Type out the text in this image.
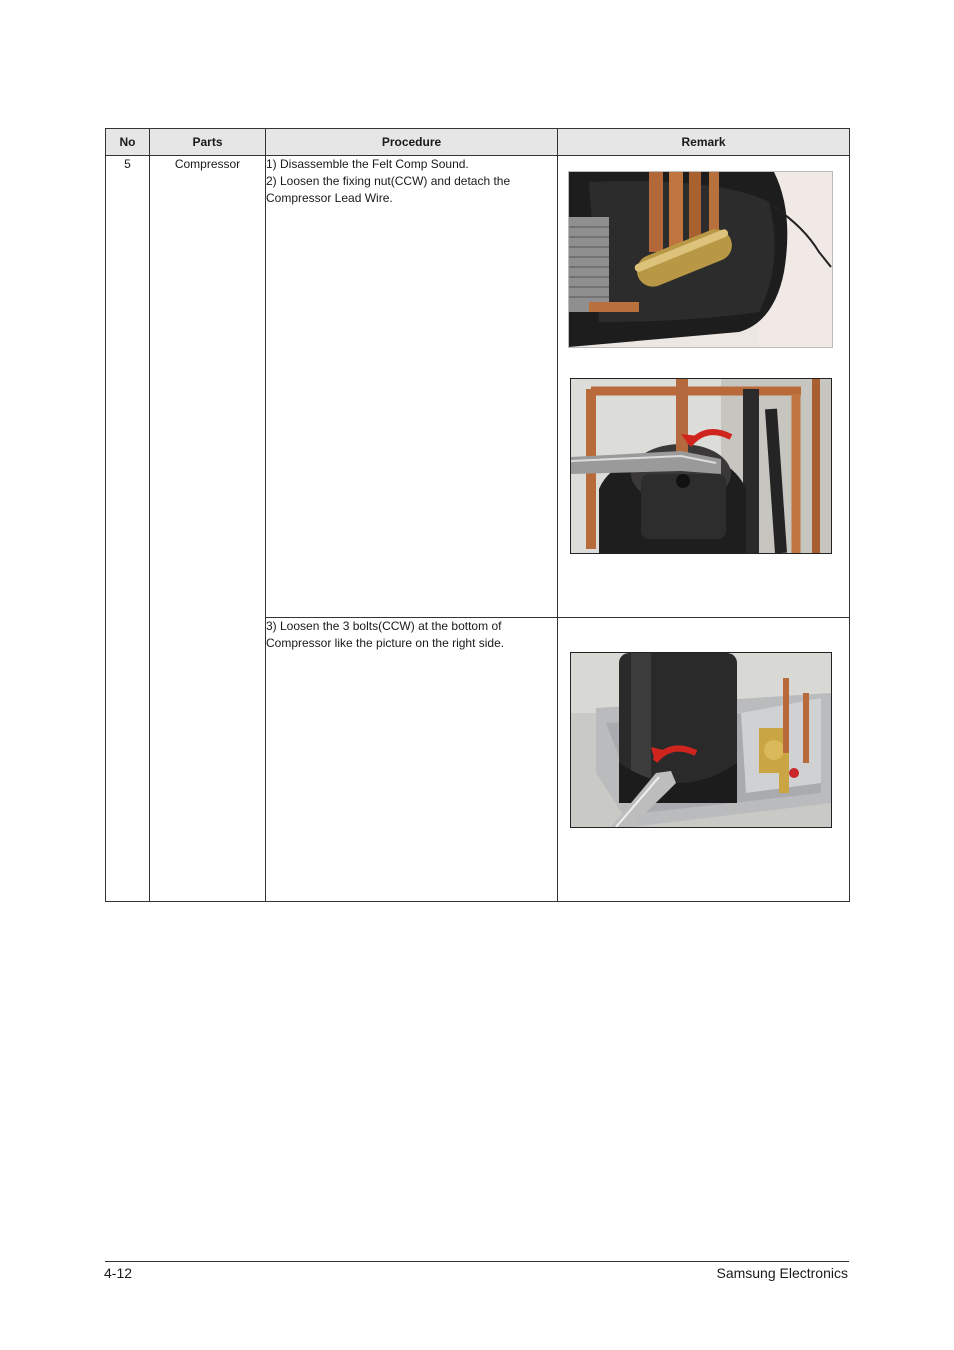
No	Parts	Procedure	Remark
5	Compressor	1) Disassemble the Felt Comp Sound.
2) Loosen the fixing nut(CCW) and detach the
Compressor Lead Wire.

		3) Loosen the 3 bolts(CCW) at the bottom of
Compressor like the picture on the right side.

4-12	Samsung Electronics
